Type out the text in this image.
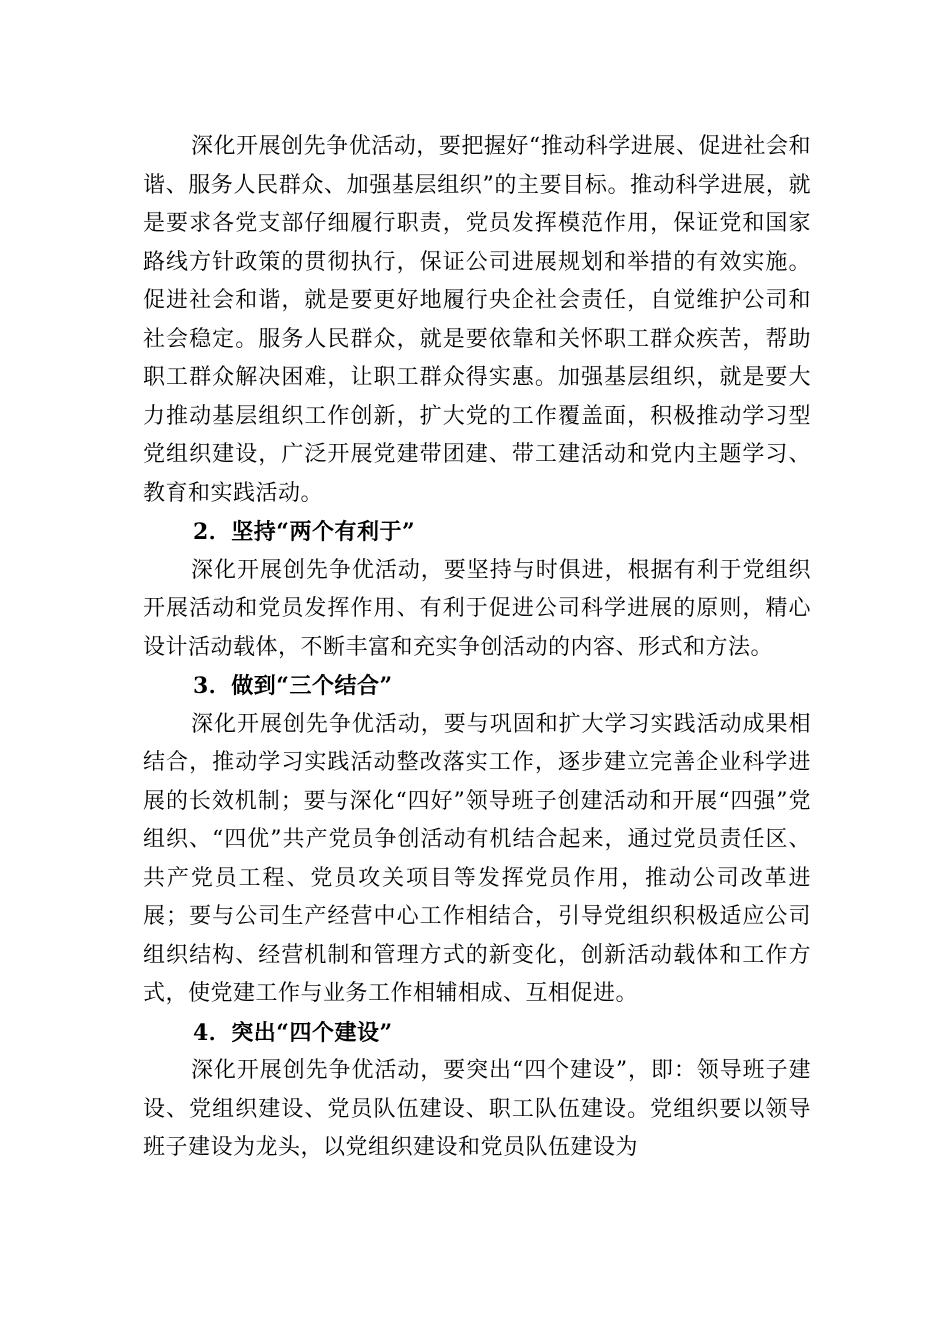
深化开展创先争优活动，要把握好“推动科学进展、促进社会和谐、服务人民群众、加强基层组织”的主要目标。推动科学进展，就是要求各党支部仔细履行职责，党员发挥模范作用，保证党和国家路线方针政策的贯彻执行，保证公司进展规划和举措的有效实施。促进社会和谐，就是要更好地履行央企社会责任，自觉维护公司和社会稳定。服务人民群众，就是要依靠和关怀职工群众疾苦，帮助职工群众解决困难，让职工群众得实惠。加强基层组织，就是要大力推动基层组织工作创新，扩大党的工作覆盖面，积极推动学习型党组织建设，广泛开展党建带团建、带工建活动和党内主题学习、教育和实践活动。

2．坚持“两个有利于”

深化开展创先争优活动，要坚持与时俱进，根据有利于党组织开展活动和党员发挥作用、有利于促进公司科学进展的原则，精心设计活动载体，不断丰富和充实争创活动的内容、形式和方法。

3．做到“三个结合”

深化开展创先争优活动，要与巩固和扩大学习实践活动成果相结合，推动学习实践活动整改落实工作，逐步建立完善企业科学进展的长效机制；要与深化“四好”领导班子创建活动和开展“四强”党组织、“四优”共产党员争创活动有机结合起来，通过党员责任区、共产党员工程、党员攻关项目等发挥党员作用，推动公司改革进展；要与公司生产经营中心工作相结合，引导党组织积极适应公司组织结构、经营机制和管理方式的新变化，创新活动载体和工作方式，使党建工作与业务工作相辅相成、互相促进。

4．突出“四个建设”

深化开展创先争优活动，要突出“四个建设”，即：领导班子建设、党组织建设、党员队伍建设、职工队伍建设。党组织要以领导班子建设为龙头，以党组织建设和党员队伍建设为
